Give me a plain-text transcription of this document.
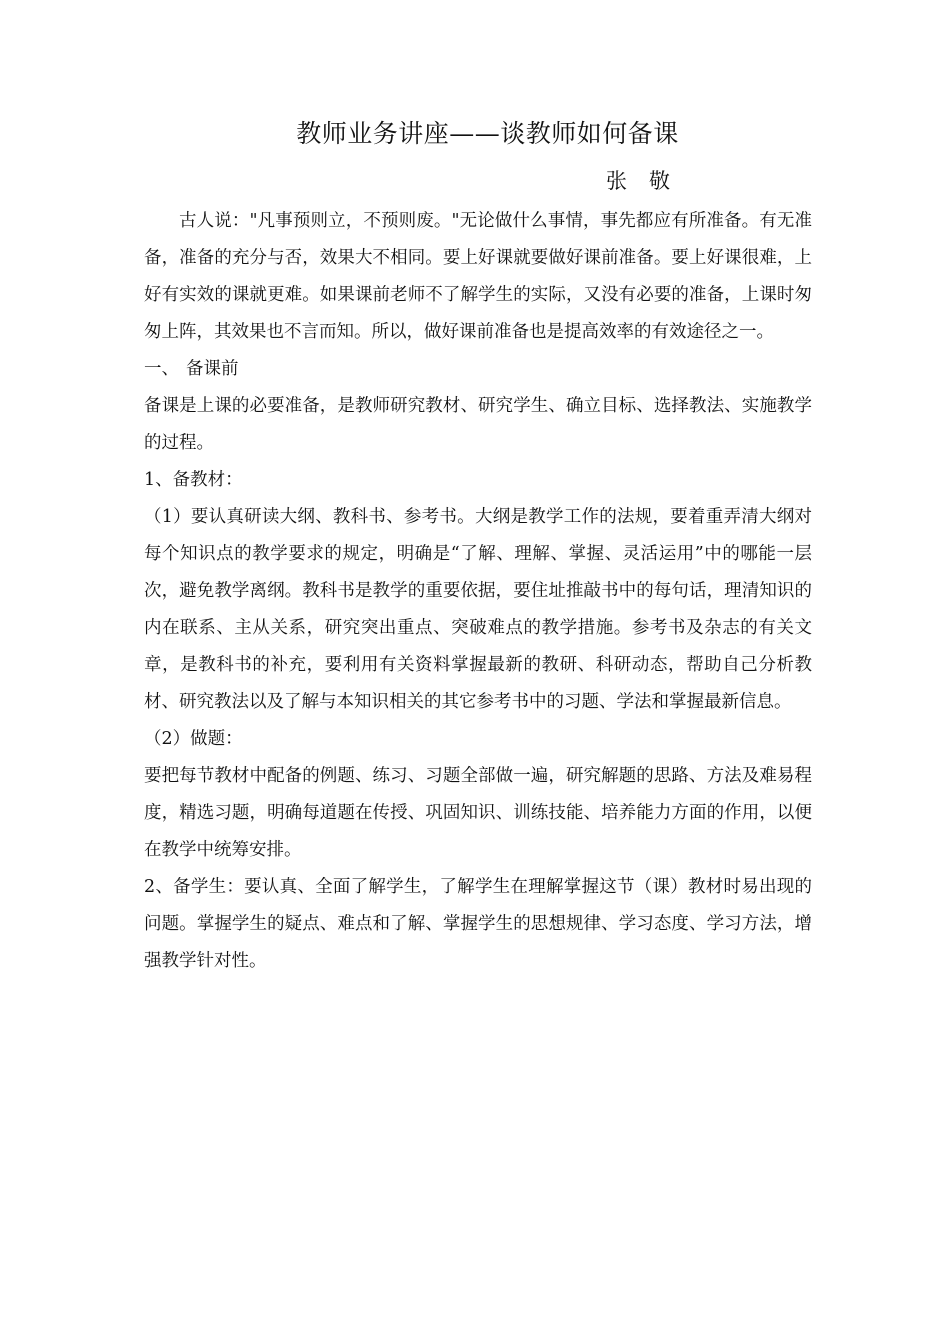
教师业务讲座——谈教师如何备课
张敬

古人说："凡事预则立，不预则废。"无论做什么事情，事先都应有所准备。有无准备，准备的充分与否，效果大不相同。要上好课就要做好课前准备。要上好课很难，上好有实效的课就更难。如果课前老师不了解学生的实际，又没有必要的准备，上课时匆匆上阵，其效果也不言而知。所以，做好课前准备也是提高效率的有效途径之一。

一、 备课前

备课是上课的必要准备，是教师研究教材、研究学生、确立目标、选择教法、实施教学的过程。

1、备教材：

（1）要认真研读大纲、教科书、参考书。大纲是教学工作的法规，要着重弄清大纲对每个知识点的教学要求的规定，明确是“了解、理解、掌握、灵活运用”中的哪能一层次，避免教学离纲。教科书是教学的重要依据，要住址推敲书中的每句话，理清知识的内在联系、主从关系，研究突出重点、突破难点的教学措施。参考书及杂志的有关文章，是教科书的补充，要利用有关资料掌握最新的教研、科研动态，帮助自己分析教材、研究教法以及了解与本知识相关的其它参考书中的习题、学法和掌握最新信息。

（2）做题：

要把每节教材中配备的例题、练习、习题全部做一遍，研究解题的思路、方法及难易程度，精选习题，明确每道题在传授、巩固知识、训练技能、培养能力方面的作用，以便在教学中统筹安排。

2、备学生：要认真、全面了解学生，了解学生在理解掌握这节（课）教材时易出现的问题。掌握学生的疑点、难点和了解、掌握学生的思想规律、学习态度、学习方法，增强教学针对性。
